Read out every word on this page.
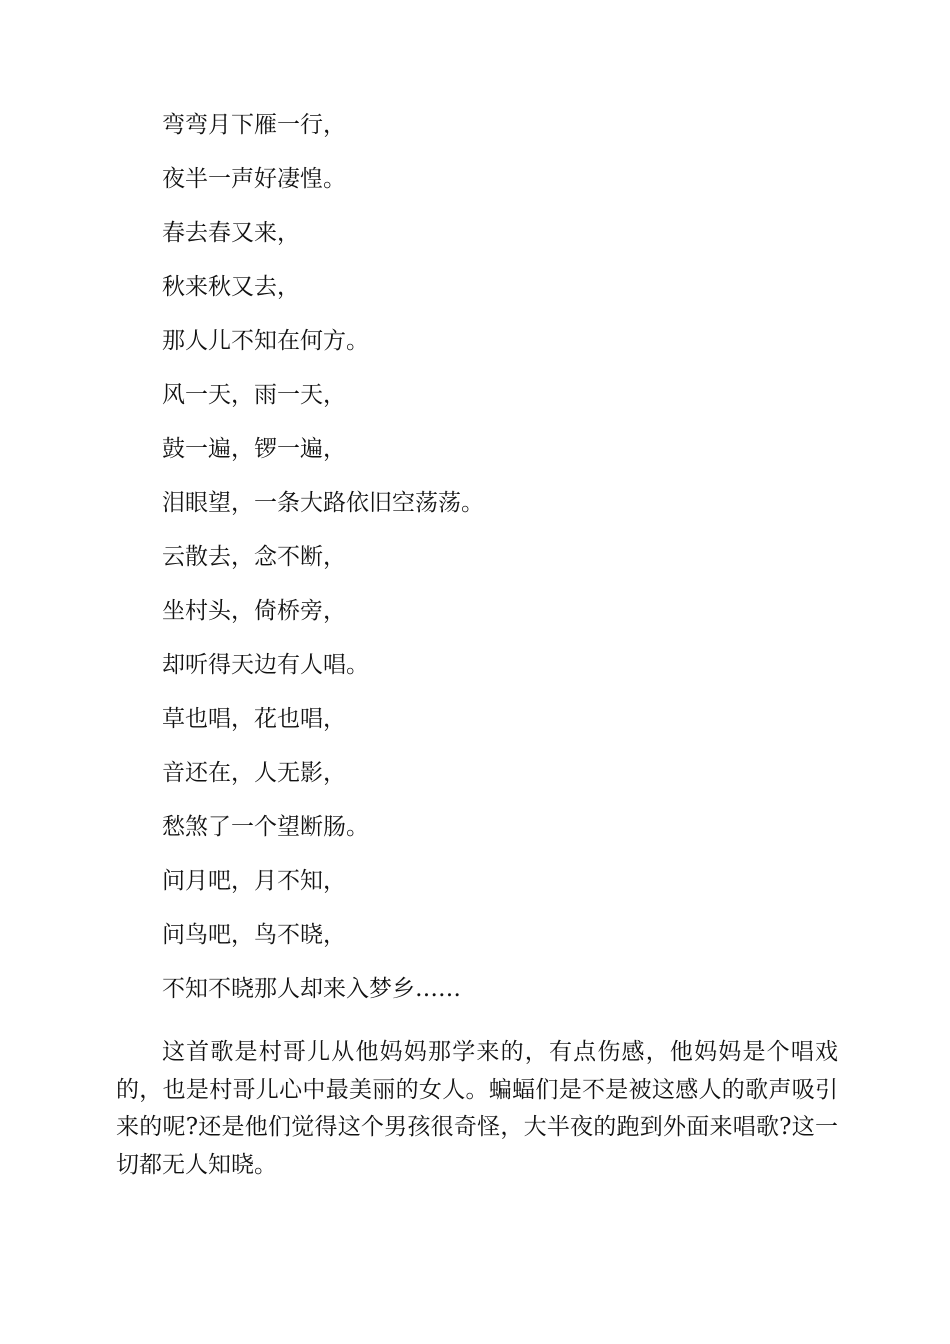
弯弯月下雁一行，

夜半一声好凄惶。

春去春又来，

秋来秋又去，

那人儿不知在何方。

风一天，雨一天，

鼓一遍，锣一遍，

泪眼望，一条大路依旧空荡荡。

云散去，念不断，

坐村头，倚桥旁，

却听得天边有人唱。

草也唱，花也唱，

音还在，人无影，

愁煞了一个望断肠。

问月吧，月不知，

问鸟吧，鸟不晓，

不知不晓那人却来入梦乡……

这首歌是村哥儿从他妈妈那学来的，有点伤感，他妈妈是个唱戏的，也是村哥儿心中最美丽的女人。蝙蝠们是不是被这感人的歌声吸引来的呢?还是他们觉得这个男孩很奇怪，大半夜的跑到外面来唱歌?这一切都无人知晓。
